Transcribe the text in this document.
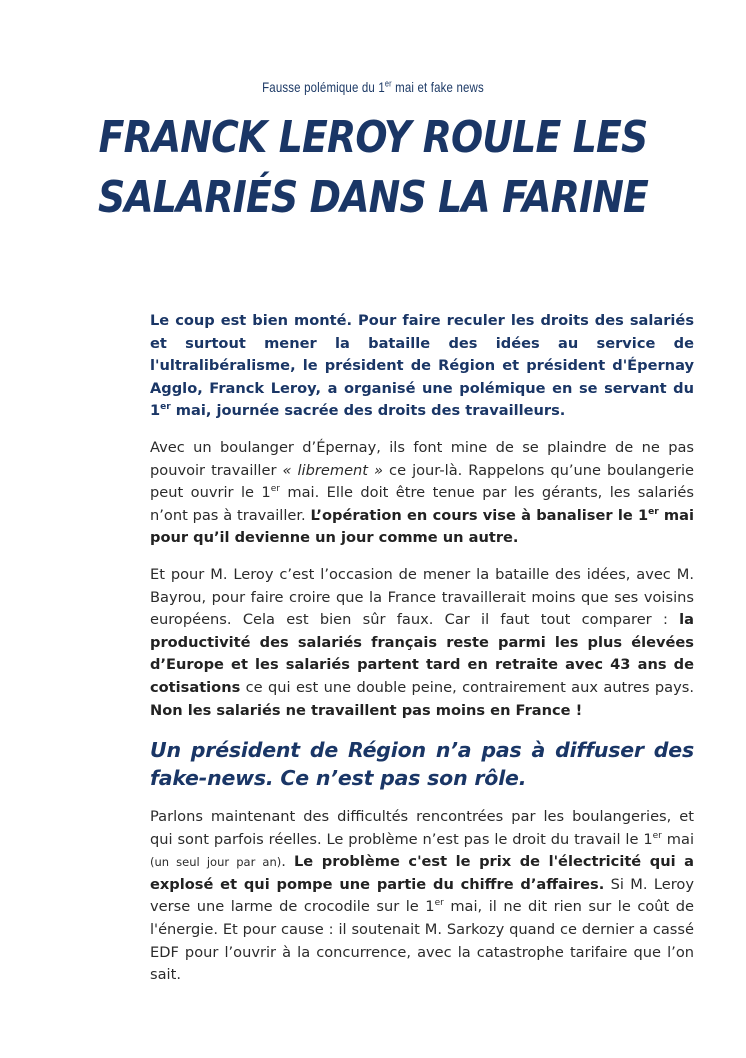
Fausse polémique du 1er mai et fake news
FRANCK LEROY ROULE LES
SALARIÉS DANS LA FARINE

Le coup est bien monté. Pour faire reculer les droits des salariés et surtout mener la bataille des idées au service de l'ultralibéralisme, le président de Région et président d'Épernay Agglo, Franck Leroy, a organisé une polémique en se servant du 1er mai, journée sacrée des droits des travailleurs.

Avec un boulanger d’Épernay, ils font mine de se plaindre de ne pas pouvoir travailler « librement » ce jour-là. Rappelons qu’une boulangerie peut ouvrir le 1er mai. Elle doit être tenue par les gérants, les salariés n’ont pas à travailler. L’opération en cours vise à banaliser le 1er mai pour qu’il devienne un jour comme un autre.

Et pour M. Leroy c’est l’occasion de mener la bataille des idées, avec M. Bayrou, pour faire croire que la France travaillerait moins que ses voisins européens. Cela est bien sûr faux. Car il faut tout comparer : la productivité des salariés français reste parmi les plus élevées d’Europe et les salariés partent tard en retraite avec 43 ans de cotisations ce qui est une double peine, contrairement aux autres pays. Non les salariés ne travaillent pas moins en France !

Un président de Région n’a pas à diffuser des fake-news. Ce n’est pas son rôle.

Parlons maintenant des difficultés rencontrées par les boulangeries, et qui sont parfois réelles. Le problème n’est pas le droit du travail le 1er mai (un seul jour par an). Le problème c'est le prix de l'électricité qui a explosé et qui pompe une partie du chiffre d’affaires. Si M. Leroy verse une larme de crocodile sur le 1er mai, il ne dit rien sur le coût de l'énergie. Et pour cause : il soutenait M. Sarkozy quand ce dernier a cassé EDF pour l’ouvrir à la concurrence, avec la catastrophe tarifaire que l’on sait.
